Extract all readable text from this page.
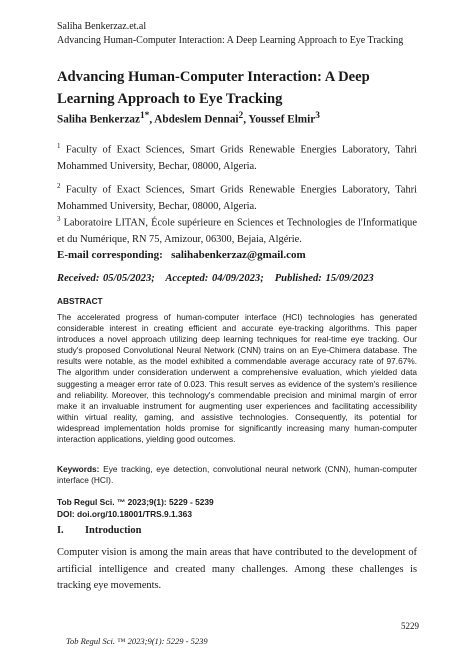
Saliha Benkerzaz.et.al
Advancing Human-Computer Interaction: A Deep Learning Approach to Eye Tracking
Advancing Human-Computer Interaction: A Deep Learning Approach to Eye Tracking
Saliha Benkerzaz$^{1*}$, Abdeslem Dennai$^2$, Youssef Elmir$^3$
$^1$ Faculty of Exact Sciences, Smart Grids Renewable Energies Laboratory, Tahri Mohammed University, Bechar, 08000, Algeria.
$^2$ Faculty of Exact Sciences, Smart Grids Renewable Energies Laboratory, Tahri Mohammed University, Bechar, 08000, Algeria.
$^3$ Laboratoire LITAN, École supérieure en Sciences et Technologies de l'Informatique et du Numérique, RN 75, Amizour, 06300, Bejaia, Algérie.
E-mail corresponding: salihabenkerzaz@gmail.com
Received: 05/05/2023; Accepted: 04/09/2023; Published: 15/09/2023
ABSTRACT
The accelerated progress of human-computer interface (HCI) technologies has generated considerable interest in creating efficient and accurate eye-tracking algorithms. This paper introduces a novel approach utilizing deep learning techniques for real-time eye tracking. Our study's proposed Convolutional Neural Network (CNN) trains on an Eye-Chimera database. The results were notable, as the model exhibited a commendable average accuracy rate of 97.67%. The algorithm under consideration underwent a comprehensive evaluation, which yielded data suggesting a meager error rate of 0.023. This result serves as evidence of the system's resilience and reliability. Moreover, this technology's commendable precision and minimal margin of error make it an invaluable instrument for augmenting user experiences and facilitating accessibility within virtual reality, gaming, and assistive technologies. Consequently, its potential for widespread implementation holds promise for significantly increasing many human-computer interaction applications, yielding good outcomes.
Keywords: Eye tracking, eye detection, convolutional neural network (CNN), human-computer interface (HCI).
Tob Regul Sci. ™ 2023;9(1): 5229 - 5239
DOI: doi.org/10.18001/TRS.9.1.363
I. Introduction
Computer vision is among the main areas that have contributed to the development of artificial intelligence and created many challenges. Among these challenges is tracking eye movements.
5229
Tob Regul Sci. ™ 2023;9(1): 5229 - 5239
